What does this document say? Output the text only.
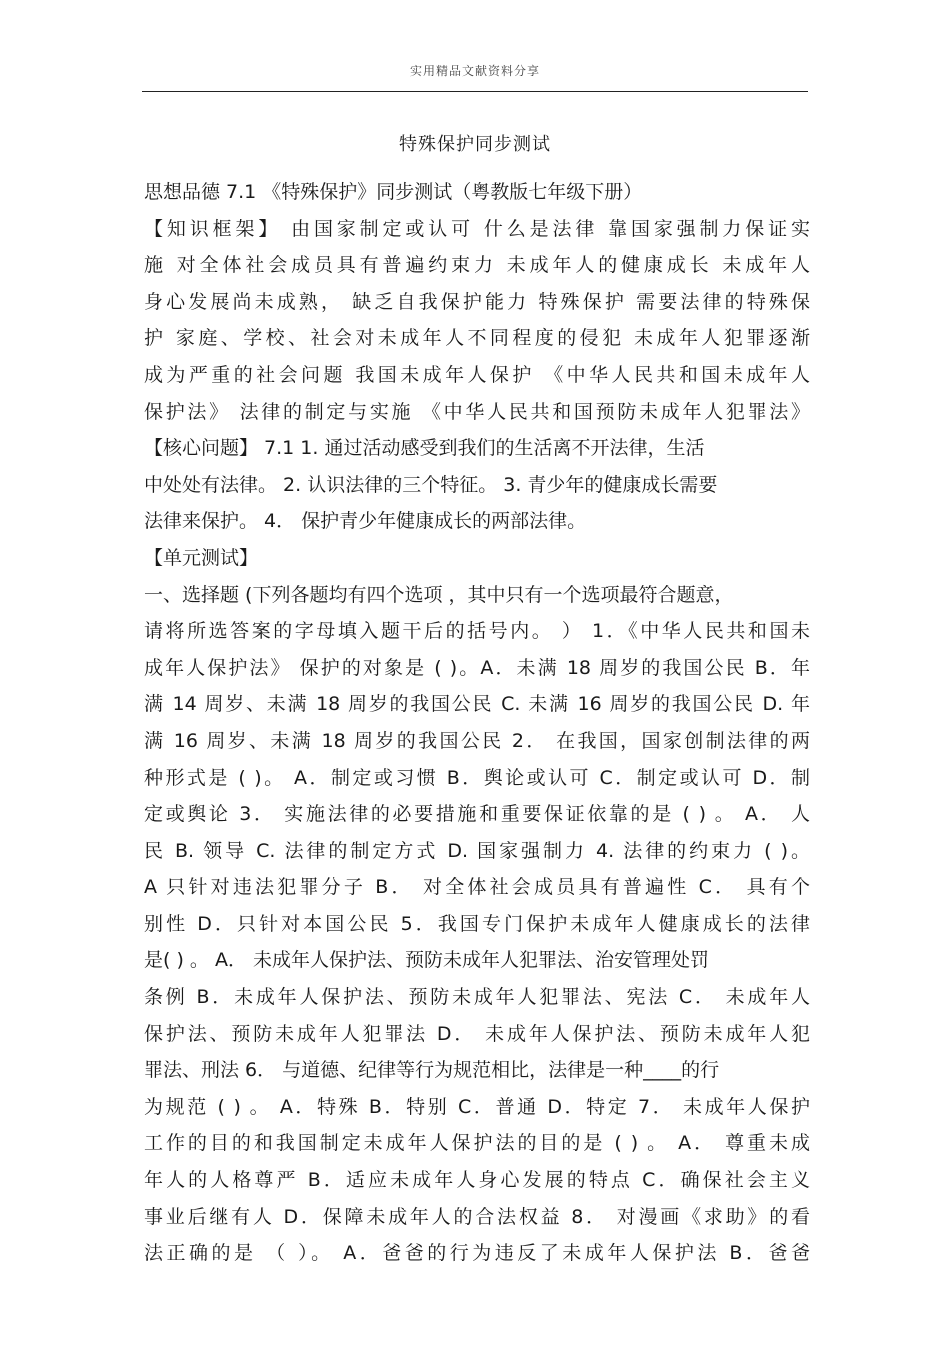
实用精品文献资料分享
特殊保护同步测试
思想品德 7.1 《特殊保护》同步测试（粤教版七年级下册）
【知识框架】 由国家制定或认可 什么是法律 靠国家强制力保证实
施 对全体社会成员具有普遍约束力 未成年人的健康成长 未成年人
身心发展尚未成熟， 缺乏自我保护能力 特殊保护 需要法律的特殊保
护 家庭、学校、社会对未成年人不同程度的侵犯 未成年人犯罪逐渐
成为严重的社会问题 我国未成年人保护 《中华人民共和国未成年人
保护法》 法律的制定与实施 《中华人民共和国预防未成年人犯罪法》
【核心问题】 7.1 1. 通过活动感受到我们的生活离不开法律，生活
中处处有法律。 2. 认识法律的三个特征。 3. 青少年的健康成长需要
法律来保护。 4． 保护青少年健康成长的两部法律。
【单元测试】
一、选择题 (下列各题均有四个选项 ，其中只有一个选项最符合题意，
请将所选答案的字母填入题干后的括号内。 ） 1．《中华人民共和国未
成年人保护法》 保护的对象是 ( )。A．未满 18 周岁的我国公民 B．年
满 14 周岁、未满 18 周岁的我国公民 C. 未满 16 周岁的我国公民 D. 年
满 16 周岁、未满 18 周岁的我国公民 2． 在我国，国家创制法律的两
种形式是 ( )。 A．制定或习惯 B．舆论或认可 C．制定或认可 D．制
定或舆论 3． 实施法律的必要措施和重要保证依靠的是 ( ) 。 A． 人
民 B. 领导 C. 法律的制定方式 D. 国家强制力 4. 法律的约束力 ( )。
A 只针对违法犯罪分子 B． 对全体社会成员具有普遍性 C． 具有个
别性 D．只针对本国公民 5．我国专门保护未成年人健康成长的法律
是( ) 。 A． 未成年人保护法、预防未成年人犯罪法、治安管理处罚
条例 B．未成年人保护法、预防未成年人犯罪法、宪法 C． 未成年人
保护法、预防未成年人犯罪法 D． 未成年人保护法、预防未成年人犯
罪法、刑法 6． 与道德、纪律等行为规范相比，法律是一种____的行
为规范 ( ) 。 A．特殊 B．特别 C．普通 D．特定 7． 未成年人保护
工作的目的和我国制定未成年人保护法的目的是 ( ) 。 A． 尊重未成
年人的人格尊严 B．适应未成年人身心发展的特点 C．确保社会主义
事业后继有人 D．保障未成年人的合法权益 8． 对漫画《求助》的看
法正确的是 （ ）。 A．爸爸的行为违反了未成年人保护法 B．爸爸
